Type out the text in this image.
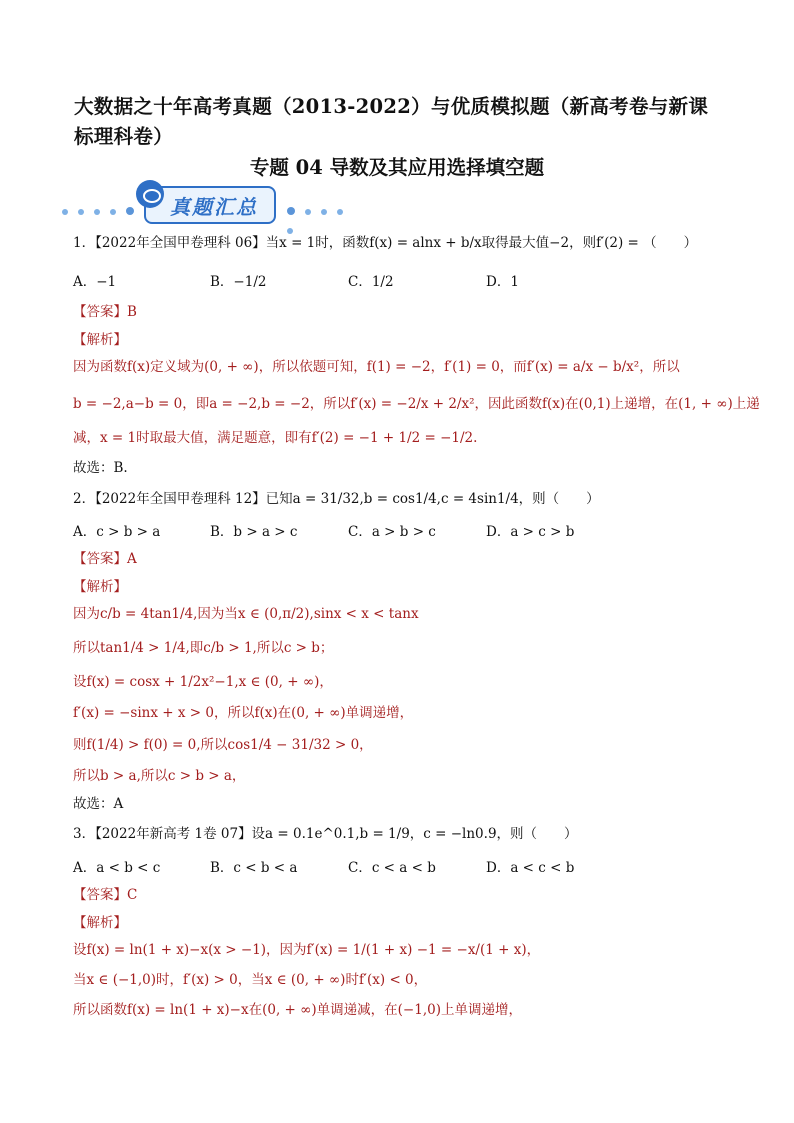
大数据之十年高考真题（2013-2022）与优质模拟题（新高考卷与新课
标理科卷）
专题 04 导数及其应用选择填空题
真题汇总
1．【2022年全国甲卷理科 06】当x = 1时，函数f(x) = alnx + b/x取得最大值−2，则f′(2) = （　　）
A．−1	B．−1/2	C．1/2	D．1
【答案】B
【解析】
因为函数f(x)定义域为(0, + ∞)，所以依题可知，f(1) = −2，f′(1) = 0，而f′(x) = a/x − b/x²，所以
b = −2,a−b = 0，即a = −2,b = −2，所以f′(x) = −2/x + 2/x²，因此函数f(x)在(0,1)上递增，在(1, + ∞)上递
减，x = 1时取最大值，满足题意，即有f′(2) = −1 + 1/2 = −1/2.
故选：B.
2．【2022年全国甲卷理科 12】已知a = 31/32,b = cos1/4,c = 4sin1/4，则（　　）
A．c > b > a	B．b > a > c	C．a > b > c	D．a > c > b
【答案】A
【解析】
因为c/b = 4tan1/4,因为当x ∈ (0,π/2),sinx < x < tanx
所以tan1/4 > 1/4,即c/b > 1,所以c > b；
设f(x) = cosx + 1/2x²−1,x ∈ (0, + ∞)，
f′(x) = −sinx + x > 0，所以f(x)在(0, + ∞)单调递增，
则f(1/4) > f(0) = 0,所以cos1/4 − 31/32 > 0，
所以b > a,所以c > b > a，
故选：A
3．【2022年新高考 1卷 07】设a = 0.1e^0.1,b = 1/9，c = −ln0.9，则（　　）
A．a < b < c	B．c < b < a	C．c < a < b	D．a < c < b
【答案】C
【解析】
设f(x) = ln(1 + x)−x(x > −1)，因为f′(x) = 1/(1 + x) −1 = −x/(1 + x)，
当x ∈ (−1,0)时，f′(x) > 0，当x ∈ (0, + ∞)时f′(x) < 0，
所以函数f(x) = ln(1 + x)−x在(0, + ∞)单调递减，在(−1,0)上单调递增，
